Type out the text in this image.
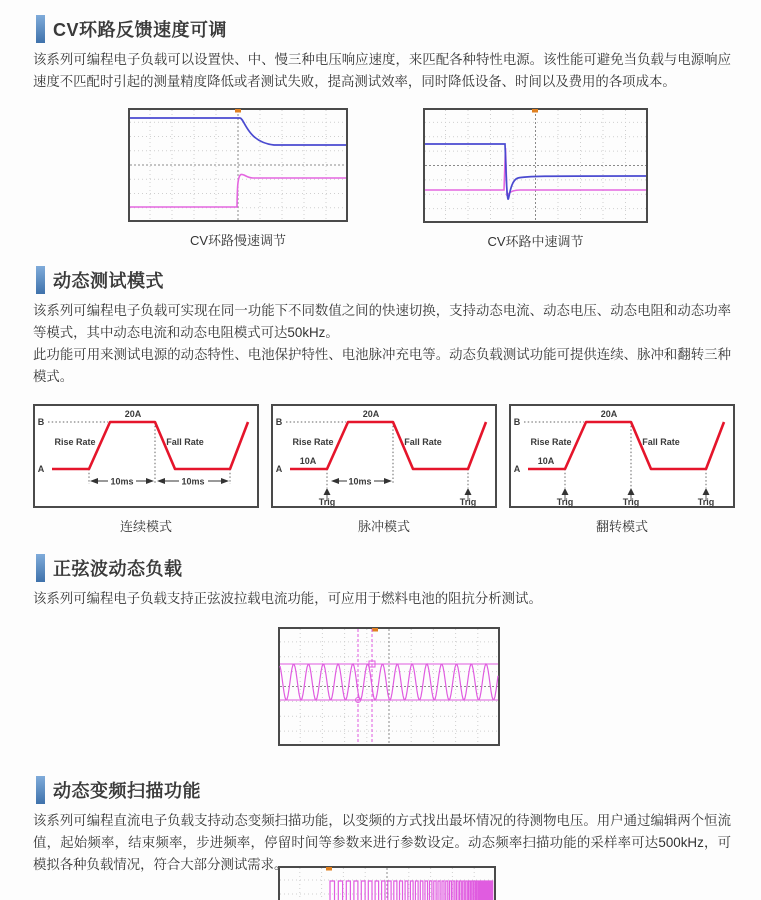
CV环路反馈速度可调

该系列可编程电子负载可以设置快、中、慢三种电压响应速度，来匹配各种特性电源。该性能可避免当负载与电源响应速度不匹配时引起的测量精度降低或者测试失败，提高测试效率，同时降低设备、时间以及费用的各项成本。

CV环路慢速调节	CV环路中速调节
动态测试模式

该系列可编程电子负载可实现在同一功能下不同数值之间的快速切换，支持动态电流、动态电压、动态电阻和动态功率等模式，其中动态电流和动态电阻模式可达50kHz。

此功能可用来测试电源的动态特性、电池保护特性、电池脉冲充电等。动态负载测试功能可提供连续、脉冲和翻转三种模式。

B
A
20A
Rise Rate	Fall Rate
10ms	10ms
连续模式
B
A
20A
10A
Rise Rate	Fall Rate
10ms
Trig	Trig
脉冲模式
B
A
20A
10A
Rise Rate	Fall Rate
Trig	Trig	Trig
翻转模式
正弦波动态负载

该系列可编程电子负载支持正弦波拉载电流功能，可应用于燃料电池的阻抗分析测试。

动态变频扫描功能

该系列可编程直流电子负载支持动态变频扫描功能，以变频的方式找出最坏情况的待测物电压。用户通过编辑两个恒流值，起始频率，结束频率，步进频率，停留时间等参数来进行参数设定。动态频率扫描功能的采样率可达500kHz，可模拟各种负载情况，符合大部分测试需求。
